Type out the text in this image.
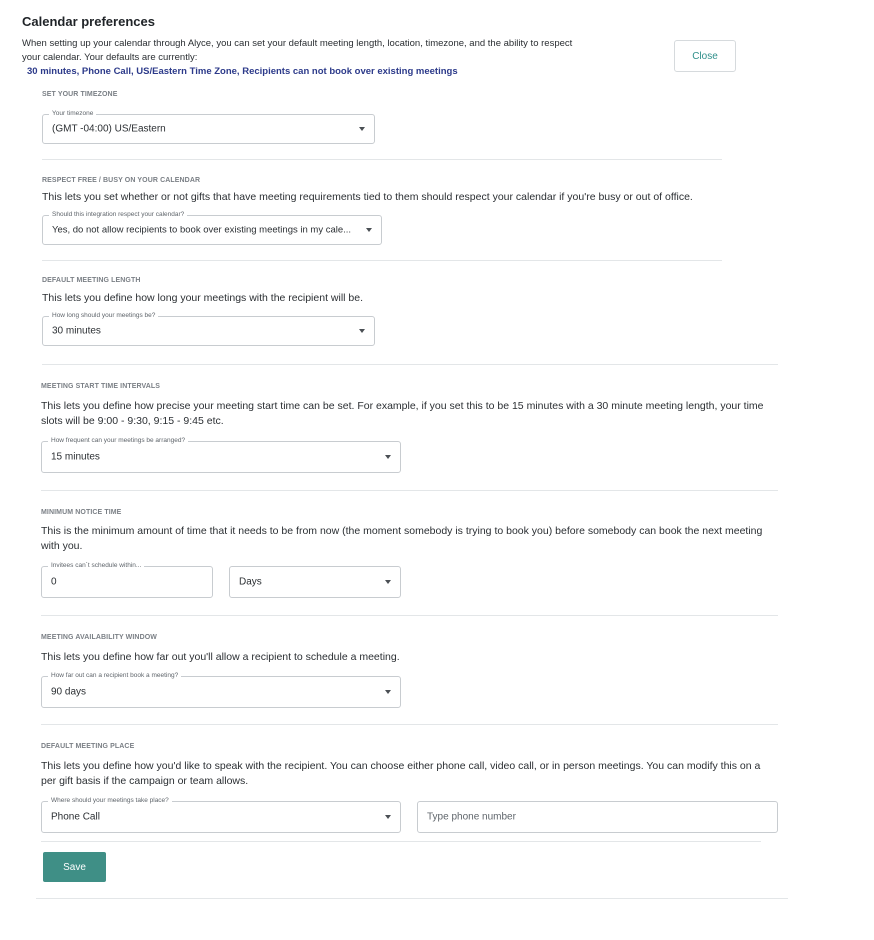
Calendar preferences
When setting up your calendar through Alyce, you can set your default meeting length, location, timezone, and the ability to respect your calendar. Your defaults are currently:
30 minutes, Phone Call, US/Eastern Time Zone, Recipients can not book over existing meetings
Close
SET YOUR TIMEZONE
Your timezone
(GMT -04:00) US/Eastern
RESPECT FREE / BUSY ON YOUR CALENDAR
This lets you set whether or not gifts that have meeting requirements tied to them should respect your calendar if you're busy or out of office.
Should this integration respect your calendar?
Yes, do not allow recipients to book over existing meetings in my cale...
DEFAULT MEETING LENGTH
This lets you define how long your meetings with the recipient will be.
How long should your meetings be?
30 minutes
MEETING START TIME INTERVALS
This lets you define how precise your meeting start time can be set. For example, if you set this to be 15 minutes with a 30 minute meeting length, your time slots will be 9:00 - 9:30, 9:15 - 9:45 etc.
How frequent can your meetings be arranged?
15 minutes
MINIMUM NOTICE TIME
This is the minimum amount of time that it needs to be from now (the moment somebody is trying to book you) before somebody can book the next meeting with you.
Invitees can`t schedule within...
0	Days
MEETING AVAILABILITY WINDOW
This lets you define how far out you'll allow a recipient to schedule a meeting.
How far out can a recipient book a meeting?
90 days
DEFAULT MEETING PLACE
This lets you define how you'd like to speak with the recipient. You can choose either phone call, video call, or in person meetings. You can modify this on a per gift basis if the campaign or team allows.
Where should your meetings take place?
Phone Call	Type phone number
Save
